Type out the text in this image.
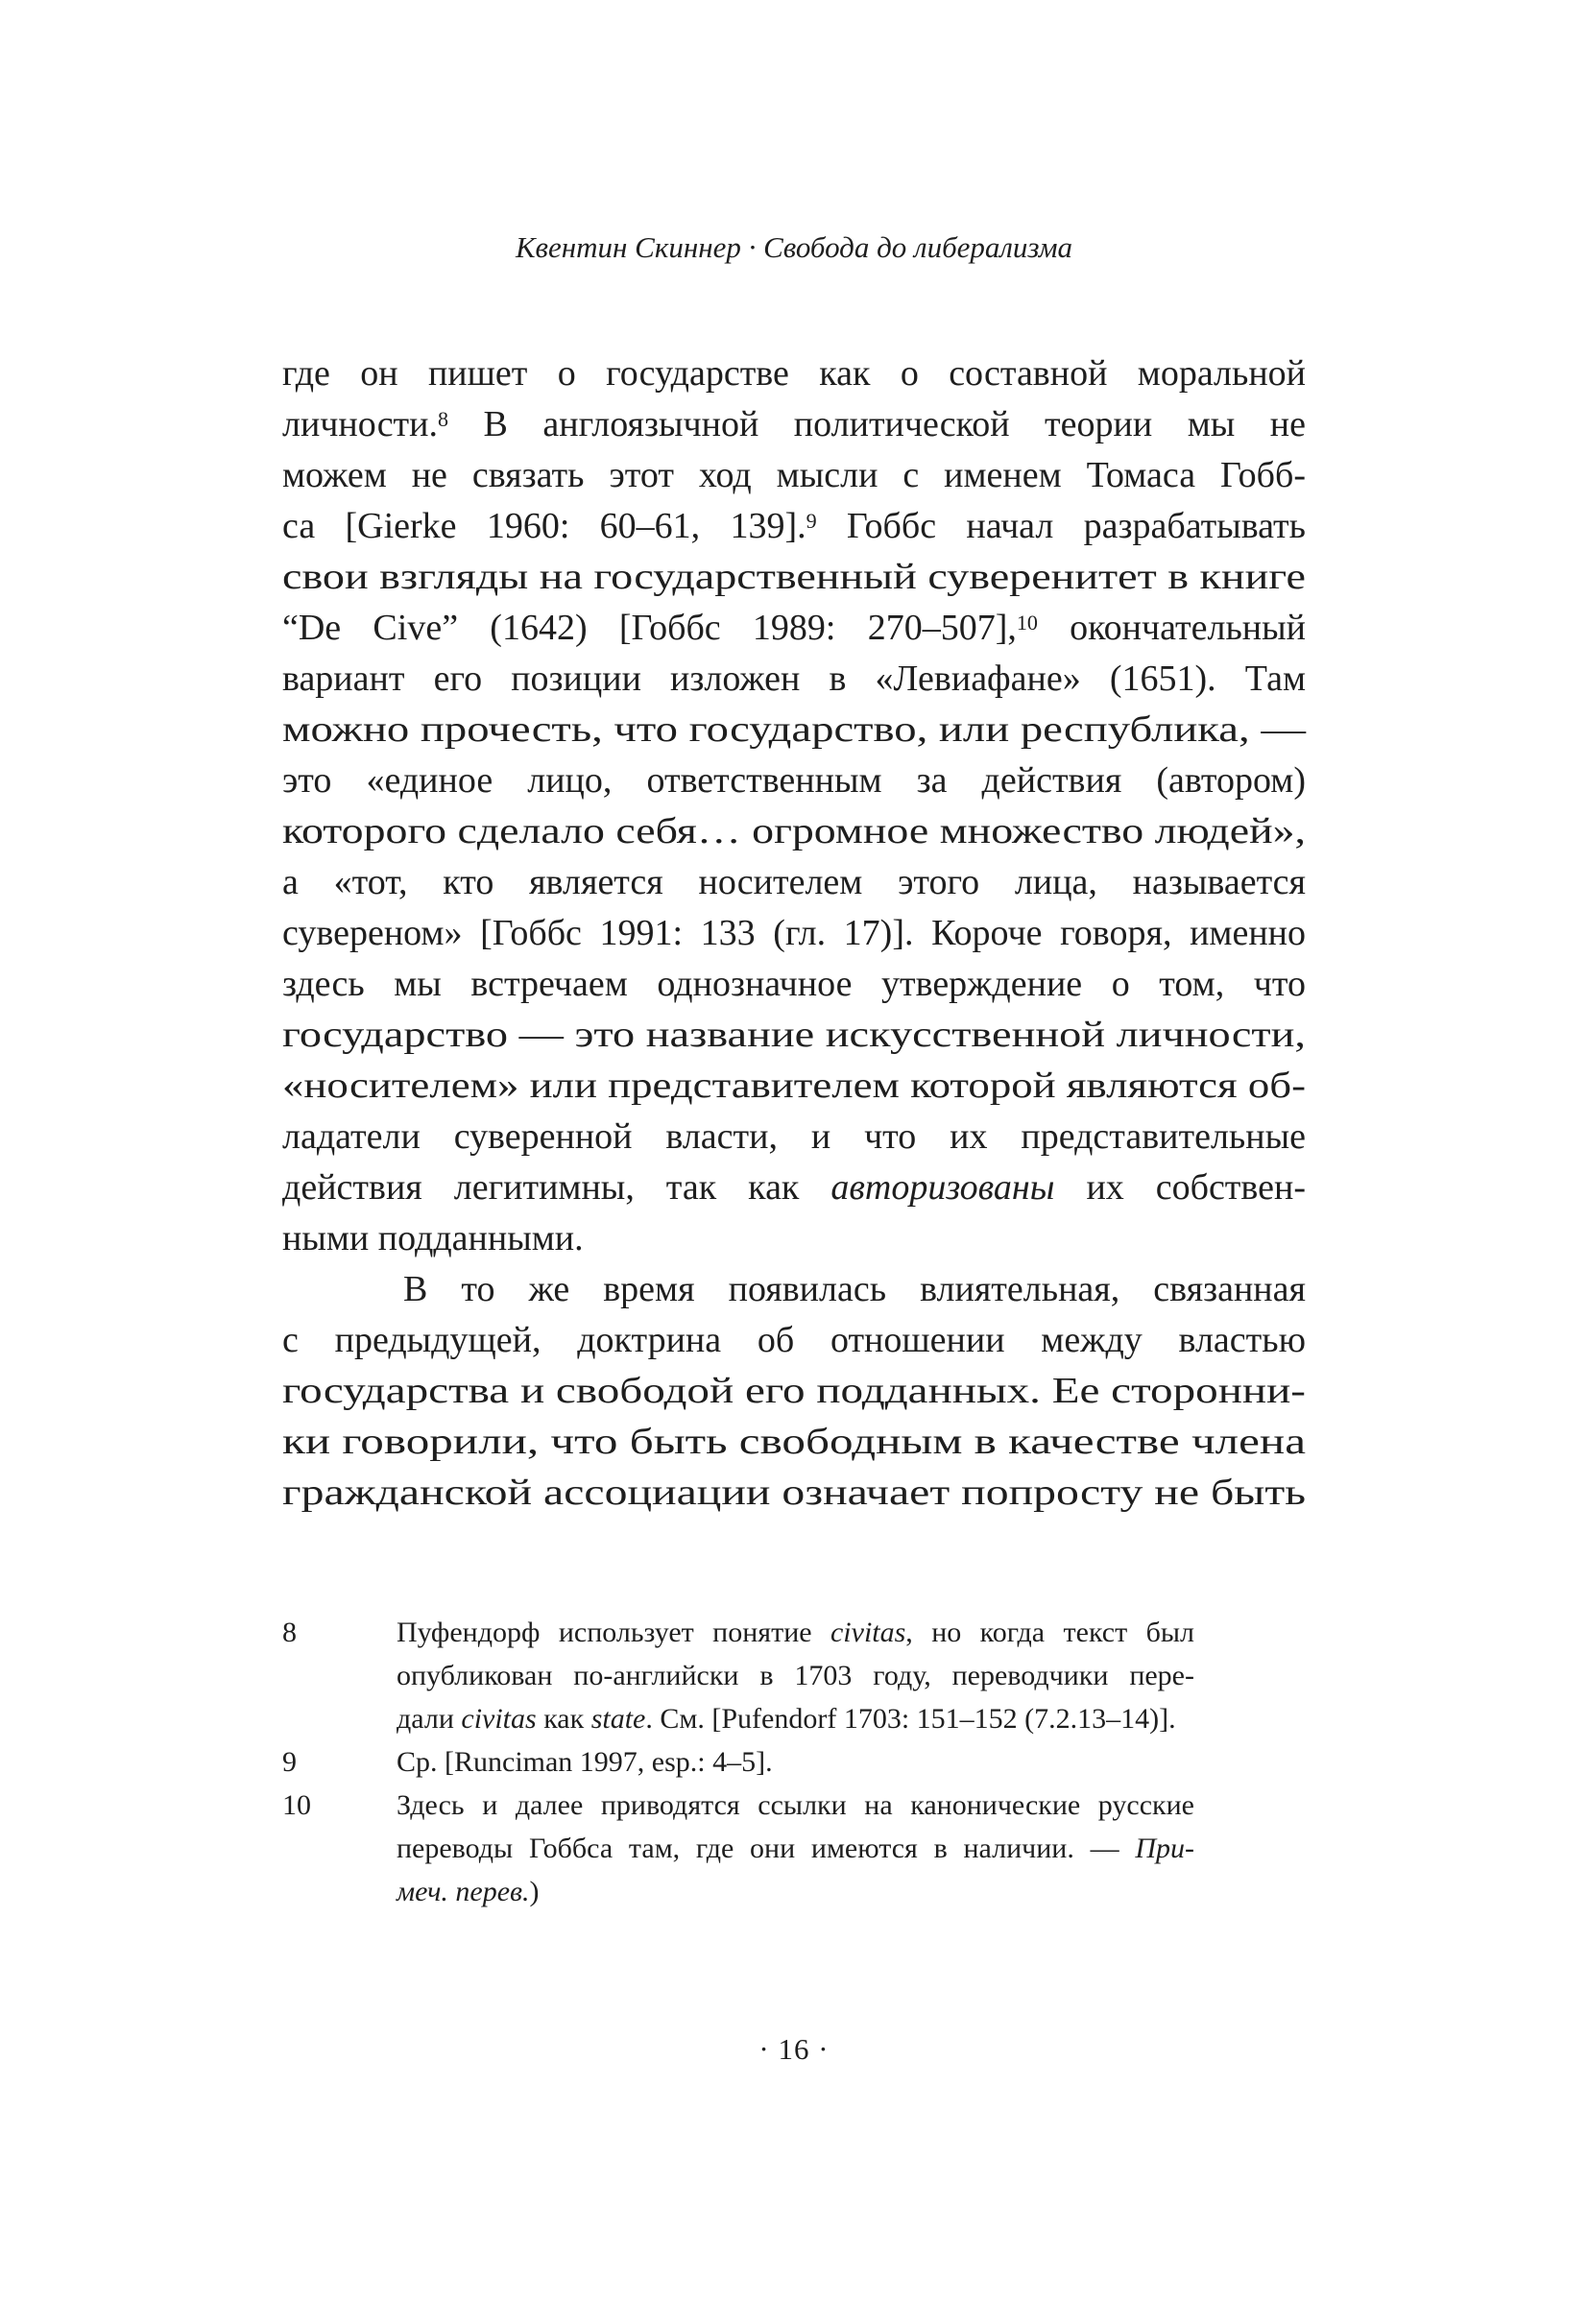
Квентин Скиннер · Свобода до либерализма
где он пишет о государстве как о составной моральной
личности.$^8$ В англоязычной политической теории мы не
можем не связать этот ход мысли с именем Томаса Гобб-
са [Gierke 1960: 60–61, 139].$^9$ Гоббс начал разрабатывать
свои взгляды на государственный суверенитет в книге
“De Cive” (1642) [Гоббс 1989: 270–507],$^{10}$ окончательный
вариант его позиции изложен в «Левиафане» (1651). Там
можно прочесть, что государство, или республика, —
это «единое лицо, ответственным за действия (автором)
которого сделало себя… огромное множество людей»,
а «тот, кто является носителем этого лица, называется
сувереном» [Гоббс 1991: 133 (гл. 17)]. Короче говоря, именно
здесь мы встречаем однозначное утверждение о том, что
государство — это название искусственной личности,
«носителем» или представителем которой являются об-
ладатели суверенной власти, и что их представительные
действия легитимны, так как авторизованы их собствен-
ными подданными.
В то же время появилась влиятельная, связанная
с предыдущей, доктрина об отношении между властью
государства и свободой его подданных. Ее сторонни-
ки говорили, что быть свободным в качестве члена
гражданской ассоциации означает попросту не быть
8	Пуфендорф использует понятие civitas, но когда текст был
опубликован по-английски в 1703 году, переводчики пере-
дали civitas как state. См. [Pufendorf 1703: 151–152 (7.2.13–14)].
9	Ср. [Runciman 1997, esp.: 4–5].
10	Здесь и далее приводятся ссылки на канонические русские
переводы Гоббса там, где они имеются в наличии. — При-
меч. перев.)
· 16 ·
